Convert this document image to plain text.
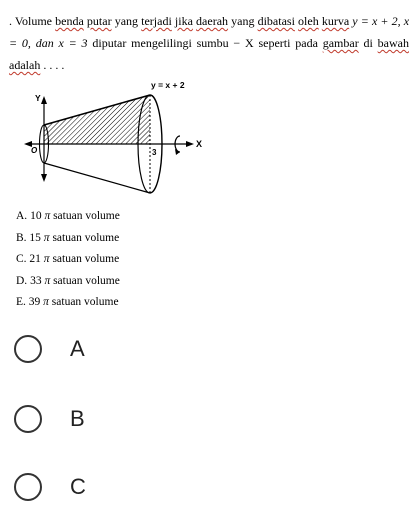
. Volume benda putar yang terjadi jika daerah yang dibatasi oleh kurva y = x + 2, x = 0, dan x = 3 diputar mengelilingi sumbu − X seperti pada gambar di bawah adalah . . . .
y = x + 2
Y
X
O	3
A. 10 π satuan volume
B. 15 π satuan volume
C. 21 π satuan volume
D. 33 π satuan volume
E. 39 π satuan volume
A
B
C
